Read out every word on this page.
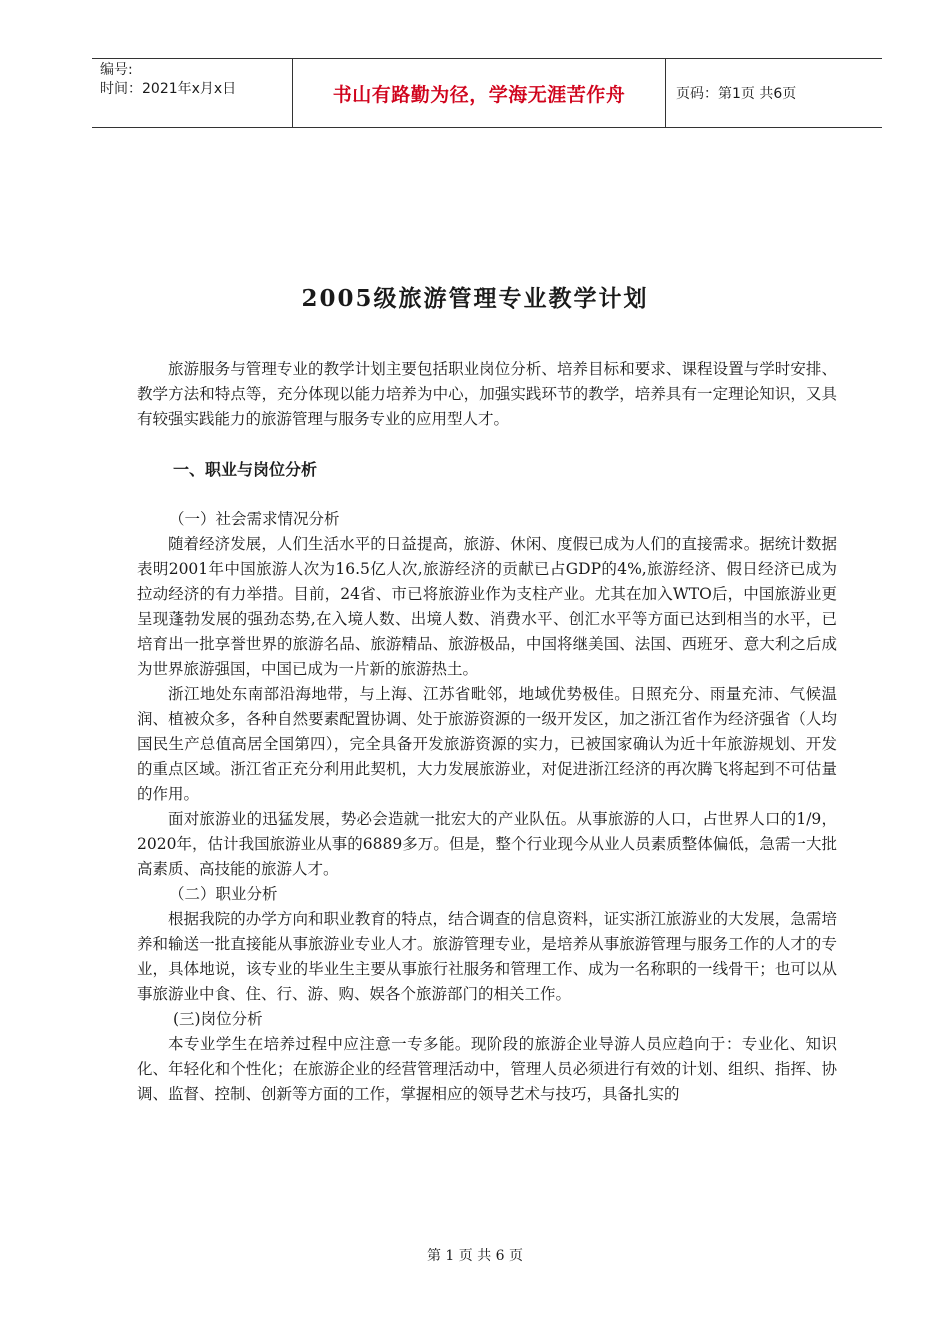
编号:
时间：2021年x月x日	书山有路勤为径，学海无涯苦作舟	页码：第1页 共6页
2005级旅游管理专业教学计划

旅游服务与管理专业的教学计划主要包括职业岗位分析、培养目标和要求、课程设置与学时安排、教学方法和特点等，充分体现以能力培养为中心，加强实践环节的教学，培养具有一定理论知识，又具有较强实践能力的旅游管理与服务专业的应用型人才。

一、职业与岗位分析

（一）社会需求情况分析

随着经济发展，人们生活水平的日益提高，旅游、休闲、度假已成为人们的直接需求。据统计数据表明2001年中国旅游人次为16.5亿人次,旅游经济的贡献已占GDP的4%,旅游经济、假日经济已成为拉动经济的有力举措。目前，24省、市已将旅游业作为支柱产业。尤其在加入WTO后，中国旅游业更呈现蓬勃发展的强劲态势,在入境人数、出境人数、消费水平、创汇水平等方面已达到相当的水平，已培育出一批享誉世界的旅游名品、旅游精品、旅游极品，中国将继美国、法国、西班牙、意大利之后成为世界旅游强国，中国已成为一片新的旅游热土。

浙江地处东南部沿海地带，与上海、江苏省毗邻，地域优势极佳。日照充分、雨量充沛、气候温润、植被众多，各种自然要素配置协调、处于旅游资源的一级开发区，加之浙江省作为经济强省（人均国民生产总值高居全国第四），完全具备开发旅游资源的实力，已被国家确认为近十年旅游规划、开发的重点区域。浙江省正充分利用此契机，大力发展旅游业，对促进浙江经济的再次腾飞将起到不可估量的作用。

面对旅游业的迅猛发展，势必会造就一批宏大的产业队伍。从事旅游的人口，占世界人口的1/9，2020年，估计我国旅游业从事的6889多万。但是，整个行业现今从业人员素质整体偏低，急需一大批高素质、高技能的旅游人才。

（二）职业分析

根据我院的办学方向和职业教育的特点，结合调查的信息资料，证实浙江旅游业的大发展，急需培养和输送一批直接能从事旅游业专业人才。旅游管理专业，是培养从事旅游管理与服务工作的人才的专业，具体地说，该专业的毕业生主要从事旅行社服务和管理工作、成为一名称职的一线骨干；也可以从事旅游业中食、住、行、游、购、娱各个旅游部门的相关工作。

(三)岗位分析

本专业学生在培养过程中应注意一专多能。现阶段的旅游企业导游人员应趋向于：专业化、知识化、年轻化和个性化；在旅游企业的经营管理活动中，管理人员必须进行有效的计划、组织、指挥、协调、监督、控制、创新等方面的工作，掌握相应的领导艺术与技巧，具备扎实的

第 1 页 共 6 页
